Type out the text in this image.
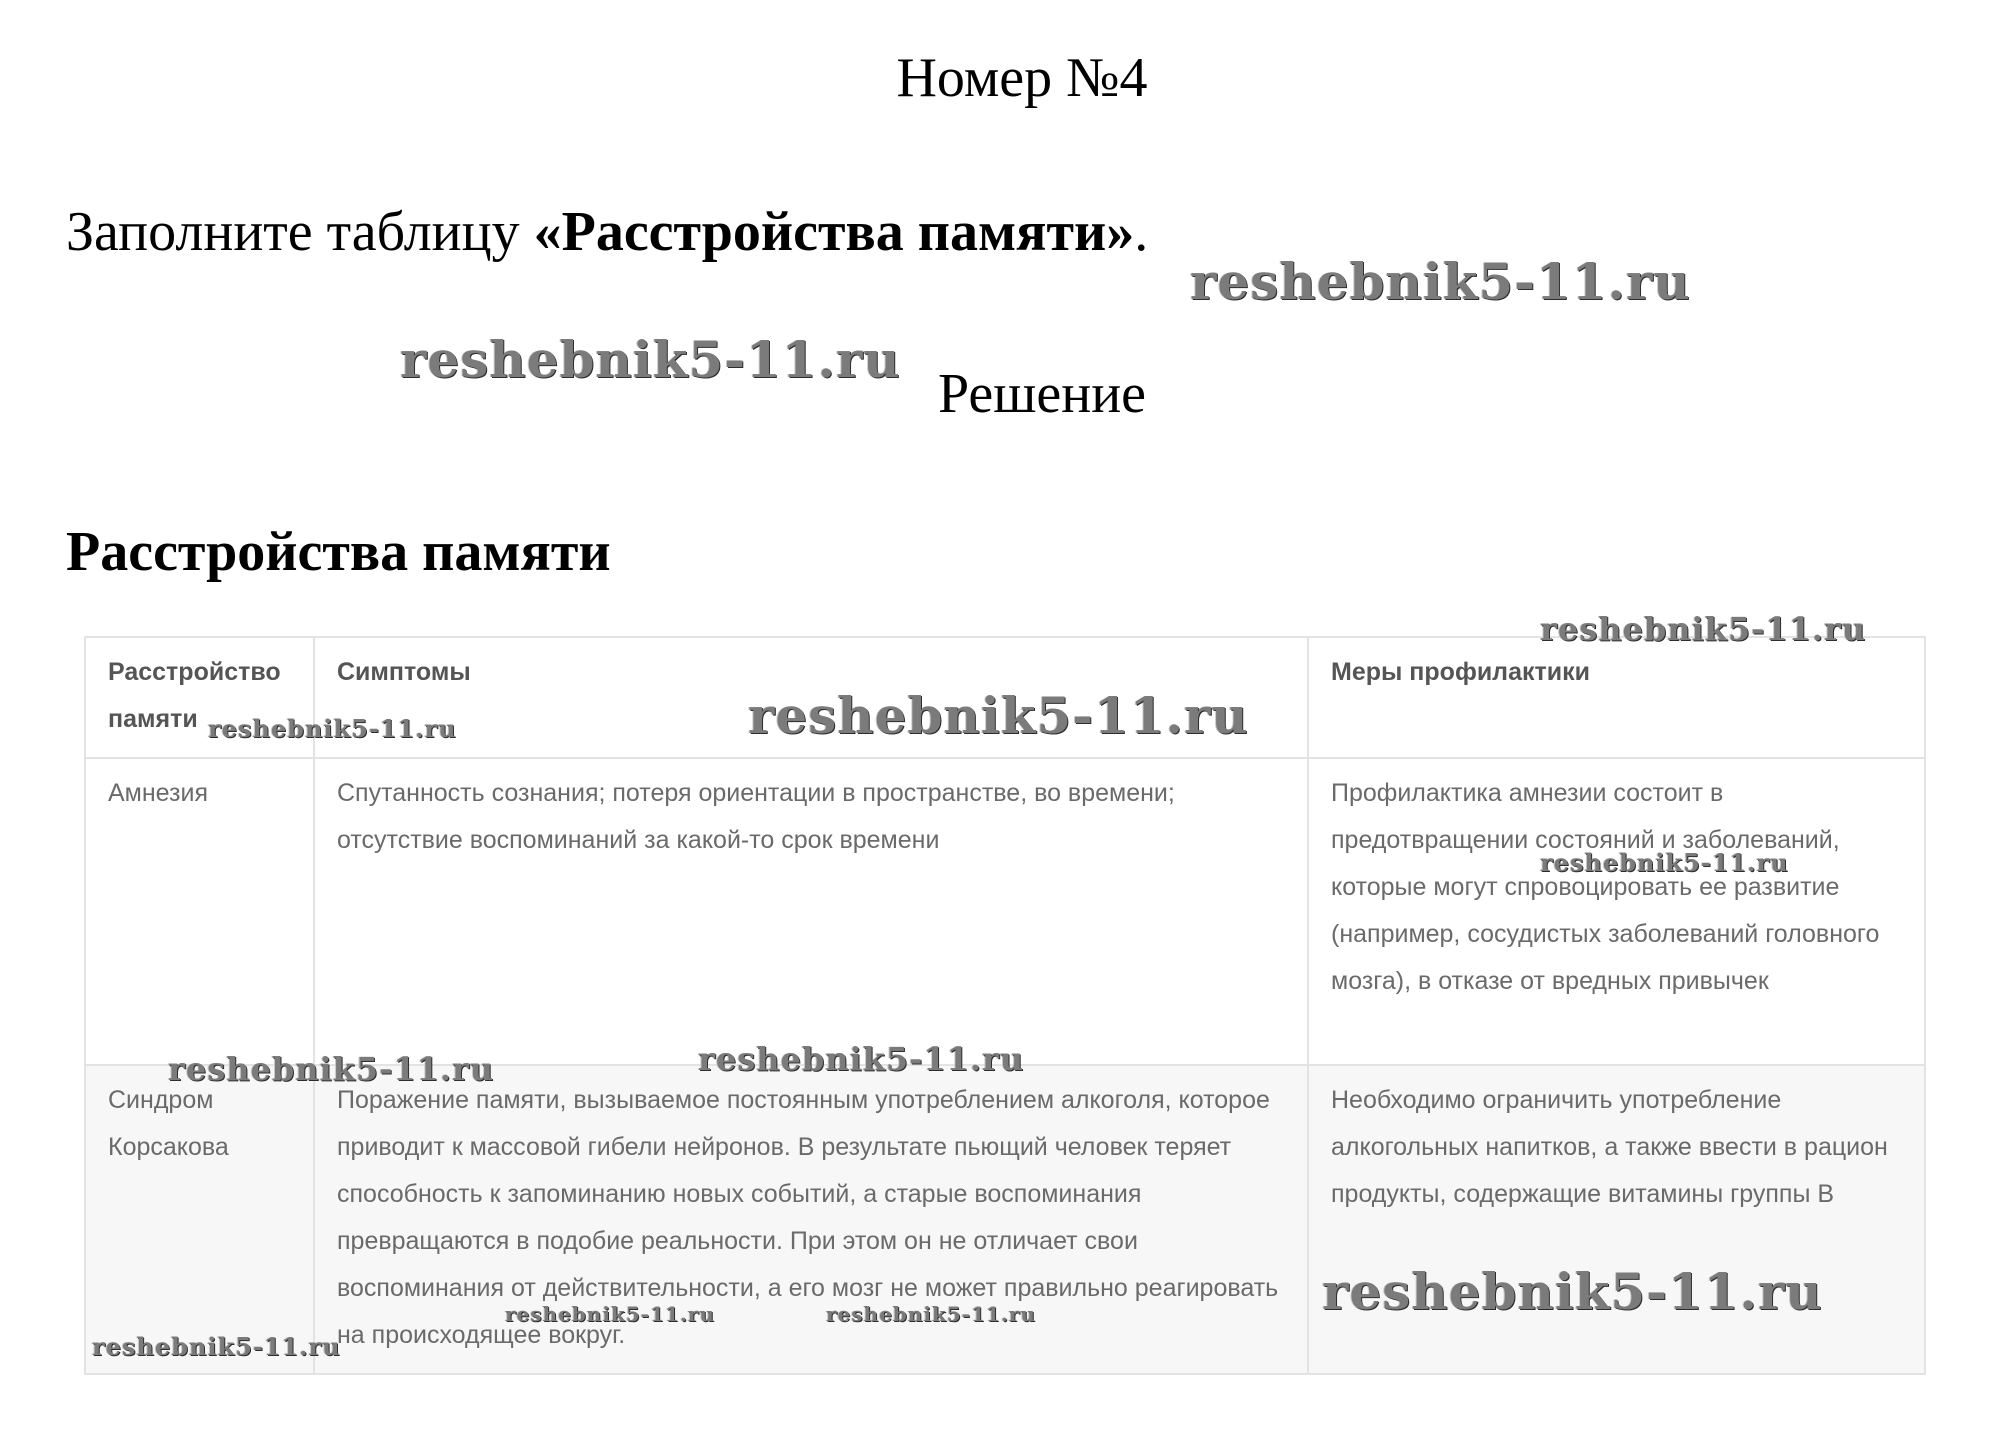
Номер №4
Заполните таблицу «Расстройства памяти».
Решение
Расстройства памяти
Расстройство памяти	Симптомы	Меры профилактики
Амнезия	Спутанность сознания; потеря ориентации в пространстве, во времени; отсутствие воспоминаний за какой-то срок времени	Профилактика амнезии состоит в предотвращении состояний и заболеваний, которые могут спровоцировать ее развитие (например, сосудистых заболеваний головного мозга), в отказе от вредных привычек
Синдром Корсакова	Поражение памяти, вызываемое постоянным употреблением алкоголя, которое приводит к массовой гибели нейронов. В результате пьющий человек теряет способность к запоминанию новых событий, а старые воспоминания превращаются в подобие реальности. При этом он не отличает свои воспоминания от действительности, а его мозг не может правильно реагировать на происходящее вокруг.	Необходимо ограничить употребление алкогольных напитков, а также ввести в рацион продукты, содержащие витамины группы В
reshebnik5-11.ru
reshebnik5-11.ru
reshebnik5-11.ru
reshebnik5-11.ru
reshebnik5-11.ru
reshebnik5-11.ru
reshebnik5-11.ru	reshebnik5-11.ru
reshebnik5-11.ru
reshebnik5-11.ru	reshebnik5-11.ru
reshebnik5-11.ru
